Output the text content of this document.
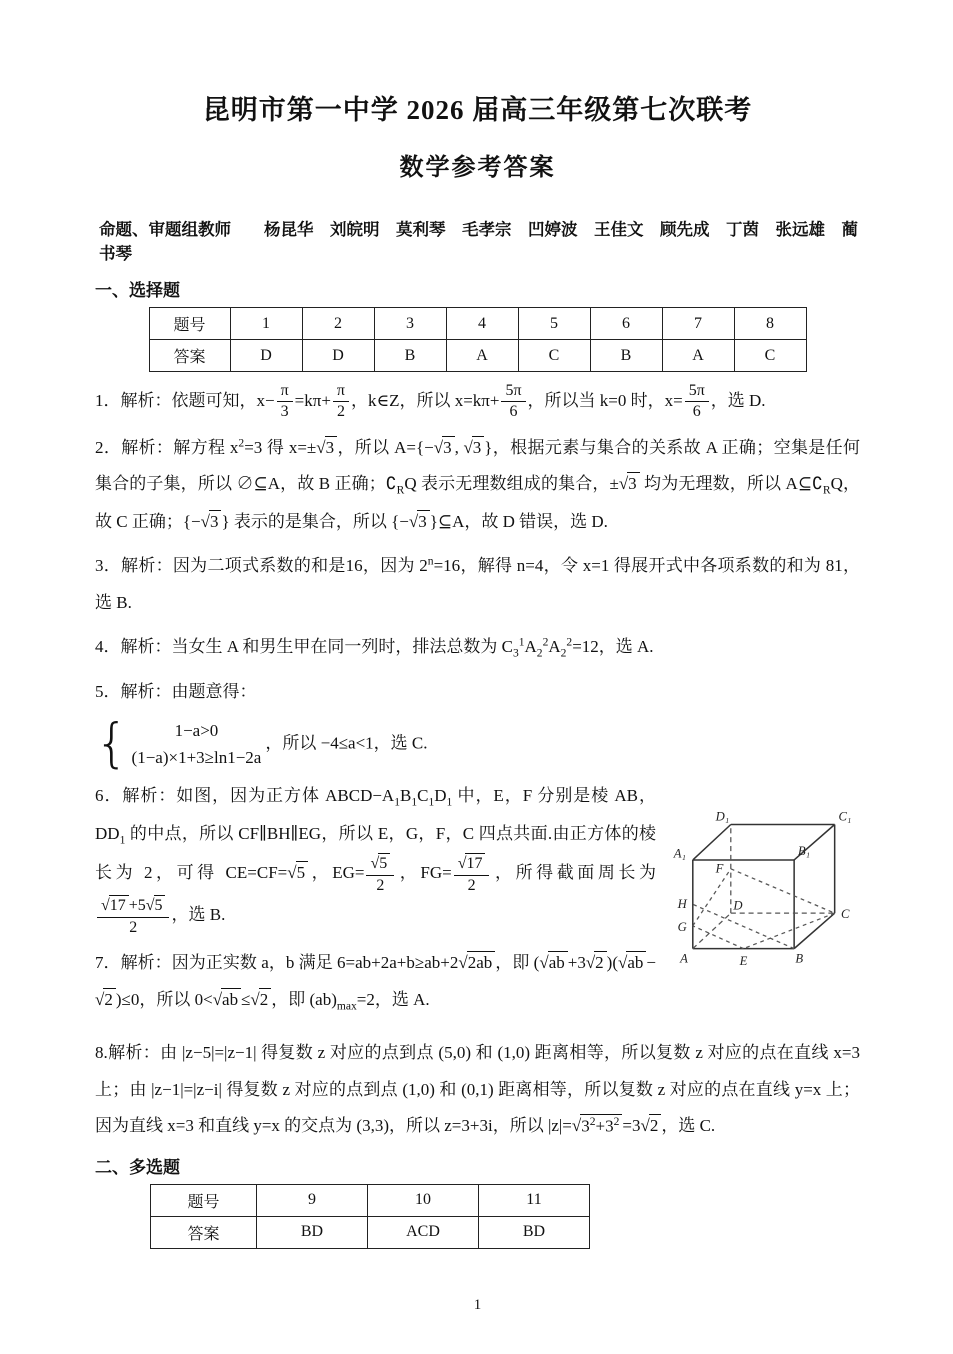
昆明市第一中学 2026 届高三年级第七次联考
数学参考答案

命题、审题组教师　　杨昆华　刘皖明　莫利琴　毛孝宗　凹婷波　王佳文　顾先成　丁茵　张远雄　蔺书琴

一、选择题
题号	1	2	3	4	5	6	7	8
答案	D	D	B	A	C	B	A	C
1．解析：依题可知，$x- \frac{\pi}{3} =k\pi+ \frac{\pi}{2}$ ，k∈Z，所以 $x=k\pi+ \frac{5\pi}{6}$ ，所以当 k=0 时，$x= \frac{5\pi}{6}$ ，选 D.
2．解析：解方程 $x^2=3$ 得 x=±√3 ，所以 A={−√3 , √3 }，根据元素与集合的关系故 A 正确；空集是任何集合的子集，所以 ∅⊆A，故 B 正确；$∁_RQ$ 表示无理数组成的集合，±√3 均为无理数，所以 $A⊆∁_RQ$，故 C 正确；{−√3 } 表示的是集合，所以 {−√3 }⊆A，故 D 错误，选 D.
3．解析：因为二项式系数的和是16，因为 $2^n=16$，解得 n=4，令 x=1 得展开式中各项系数的和为 81，选 B.
4．解析：当女生 A 和男生甲在同一列时，排法总数为 $C_3^1A_2^2A_2^2=12$，选 A.
5．解析：由题意得：
{	1−a>0
(1−a)×1+3≥ln1−2a
，所以 −4≤a<1，选 C.
D₁	C₁
A₁	B₁
D
F
H
G
A	E	B
C
6．解析：如图，因为正方体 $ABCD-A_1B_1C_1D_1$ 中，E，F 分别是棱 AB，$DD_1$ 的中点，所以 CF∥BH∥EG，所以 E，G，F，C 四点共面.由正方体的棱长为 2，可得 CE=CF=√5 ，$EG= \frac{√5}{2}$ ，$FG= \frac{√17}{2}$ ，所得截面周长为
$\frac{√17 +5√5}{2}$ ，选 B.
7．解析：因为正实数 a，b 满足 6=ab+2a+b≥ab+2√2ab ，即 (√ab +3√2 )(√ab −√2 )≤0，所以 0<√ab ≤√2 ，即 $(ab)_{max}=2$，选 A.
8.解析：由 |z−5|=|z−1| 得复数 z 对应的点到点 (5,0) 和 (1,0) 距离相等，所以复数 z 对应的点在直线 x=3 上；由 |z−1|=|z−i| 得复数 z 对应的点到点 (1,0) 和 (0,1) 距离相等，所以复数 z 对应的点在直线 y=x 上；因为直线 x=3 和直线 y=x 的交点为 (3,3)，所以 z=3+3i，所以 $|z|=√3^2+3^2 =3√2$ ，选 C.
二、多选题
题号	9	10	11
答案	BD	ACD	BD
1
